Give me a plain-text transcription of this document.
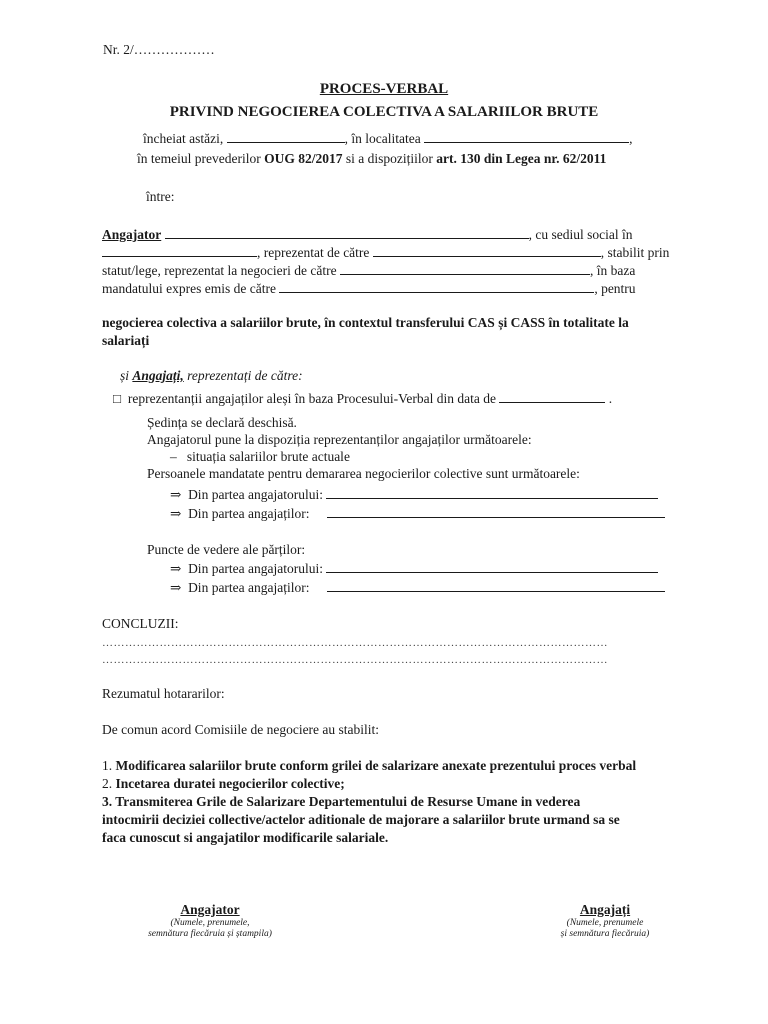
Nr. 2/………………
PROCES-VERBAL
PRIVIND NEGOCIEREA COLECTIVA A SALARIILOR BRUTE
încheiat astăzi,	, în localitatea	,
în temeiul prevederilor OUG 82/2017 si a dispozițiilor art. 130 din Legea nr. 62/2011
între:
Angajator	, cu sediul social în
, reprezentat de către	, stabilit prin
statut/lege, reprezentat la negocieri de către	, în baza
mandatului expres emis de către	, pentru
negocierea colectiva a salariilor brute, în contextul transferului CAS și CASS în totalitate la
salariați
și Angajați, reprezentați de către:
□ reprezentanții angajaților aleși în baza Procesului-Verbal din data de	.
Ședința se declară deschisă.
Angajatorul pune la dispoziția reprezentanților angajaților următoarele:
– situația salariilor brute actuale
Persoanele mandatate pentru demararea negocierilor colective sunt următoarele:
⇒ Din partea angajatorului:
⇒ Din partea angajaților:
Puncte de vedere ale părților:
⇒ Din partea angajatorului:
⇒ Din partea angajaților:
CONCLUZII:
……………………………………………………………………………………………………………………
……………………………………………………………………………………………………………………
Rezumatul hotararilor:
De comun acord Comisiile de negociere au stabilit:
1. Modificarea salariilor brute conform grilei de salarizare anexate prezentului proces verbal
2. Incetarea duratei negocierilor colective;
3. Transmiterea Grile de Salarizare Departementului de Resurse Umane in vederea
intocmirii deciziei collective/actelor aditionale de majorare a salariilor brute urmand sa se
faca cunoscut si angajatilor modificarile salariale.
Angajator
(Numele, prenumele,
semnătura fiecăruia și ștampila)
Angajați
(Numele, prenumele
și semnătura fiecăruia)
